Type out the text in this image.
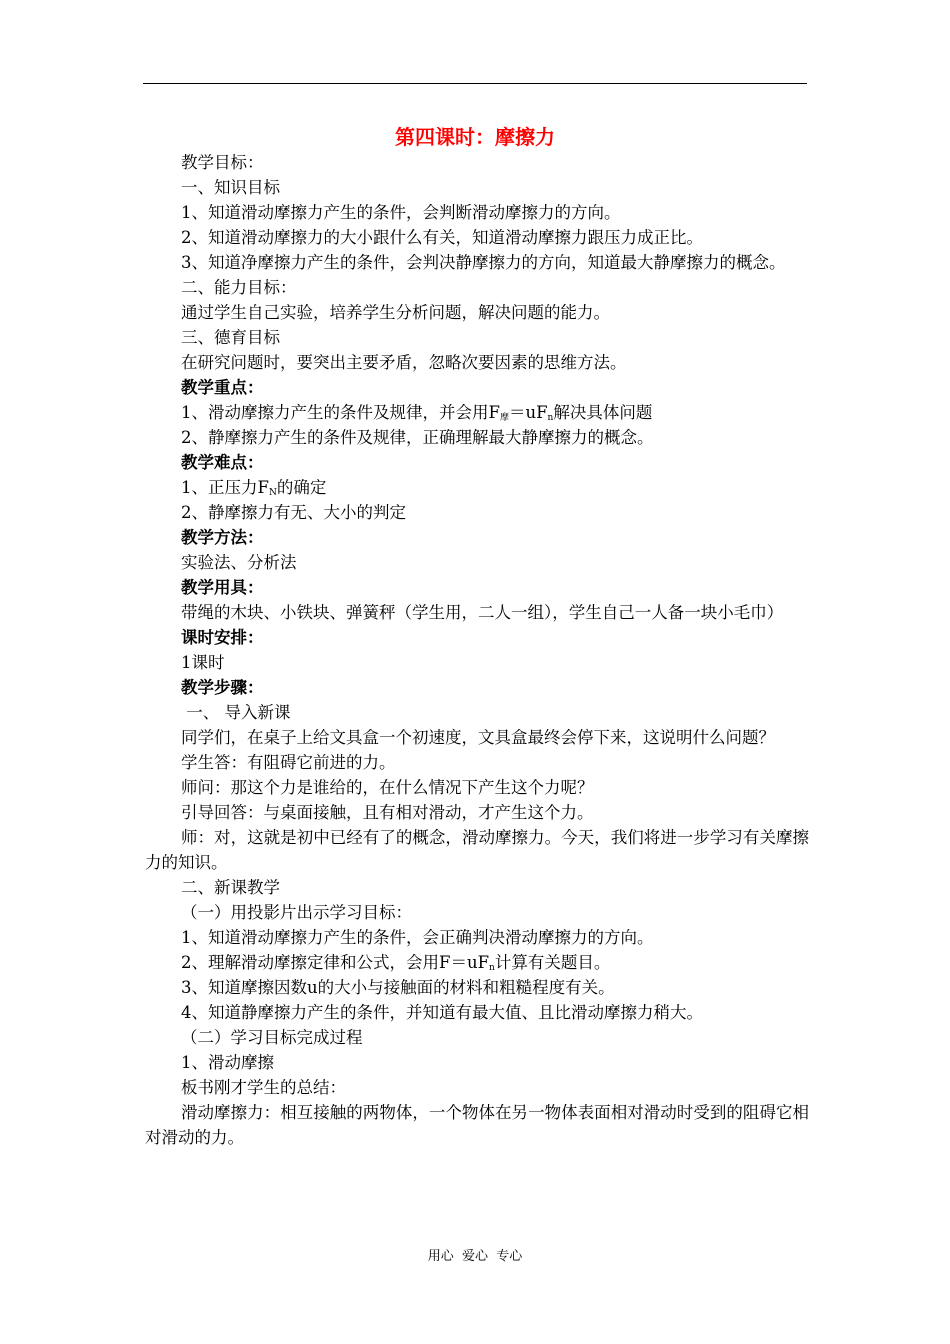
第四课时：摩擦力

教学目标：

一、知识目标

1、知道滑动摩擦力产生的条件，会判断滑动摩擦力的方向。

2、知道滑动摩擦力的大小跟什么有关，知道滑动摩擦力跟压力成正比。

3、知道净摩擦力产生的条件，会判决静摩擦力的方向，知道最大静摩擦力的概念。

二、能力目标：

通过学生自己实验，培养学生分析问题，解决问题的能力。

三、德育目标

在研究问题时，要突出主要矛盾，忽略次要因素的思维方法。

教学重点：

1、滑动摩擦力产生的条件及规律，并会用$F_摩=uF_n$解决具体问题

2、静摩擦力产生的条件及规律，正确理解最大静摩擦力的概念。

教学难点：

1、正压力$F_N$的确定

2、静摩擦力有无、大小的判定

教学方法：

实验法、分析法

教学用具：

带绳的木块、小铁块、弹簧秤（学生用，二人一组），学生自己一人备一块小毛巾）

课时安排：

1课时

教学步骤：

一、 导入新课

同学们，在桌子上给文具盒一个初速度，文具盒最终会停下来，这说明什么问题？

学生答：有阻碍它前进的力。

师问：那这个力是谁给的，在什么情况下产生这个力呢？

引导回答：与桌面接触，且有相对滑动，才产生这个力。

师：对，这就是初中已经有了的概念，滑动摩擦力。今天，我们将进一步学习有关摩擦力的知识。

二、新课教学

（一）用投影片出示学习目标：

1、知道滑动摩擦力产生的条件，会正确判决滑动摩擦力的方向。

2、理解滑动摩擦定律和公式，会用$F=uF_n$计算有关题目。

3、知道摩擦因数u的大小与接触面的材料和粗糙程度有关。

4、知道静摩擦力产生的条件，并知道有最大值、且比滑动摩擦力稍大。

（二）学习目标完成过程

1、滑动摩擦

板书刚才学生的总结：

滑动摩擦力：相互接触的两物体，一个物体在另一物体表面相对滑动时受到的阻碍它相对滑动的力。

用心  爱心  专心
